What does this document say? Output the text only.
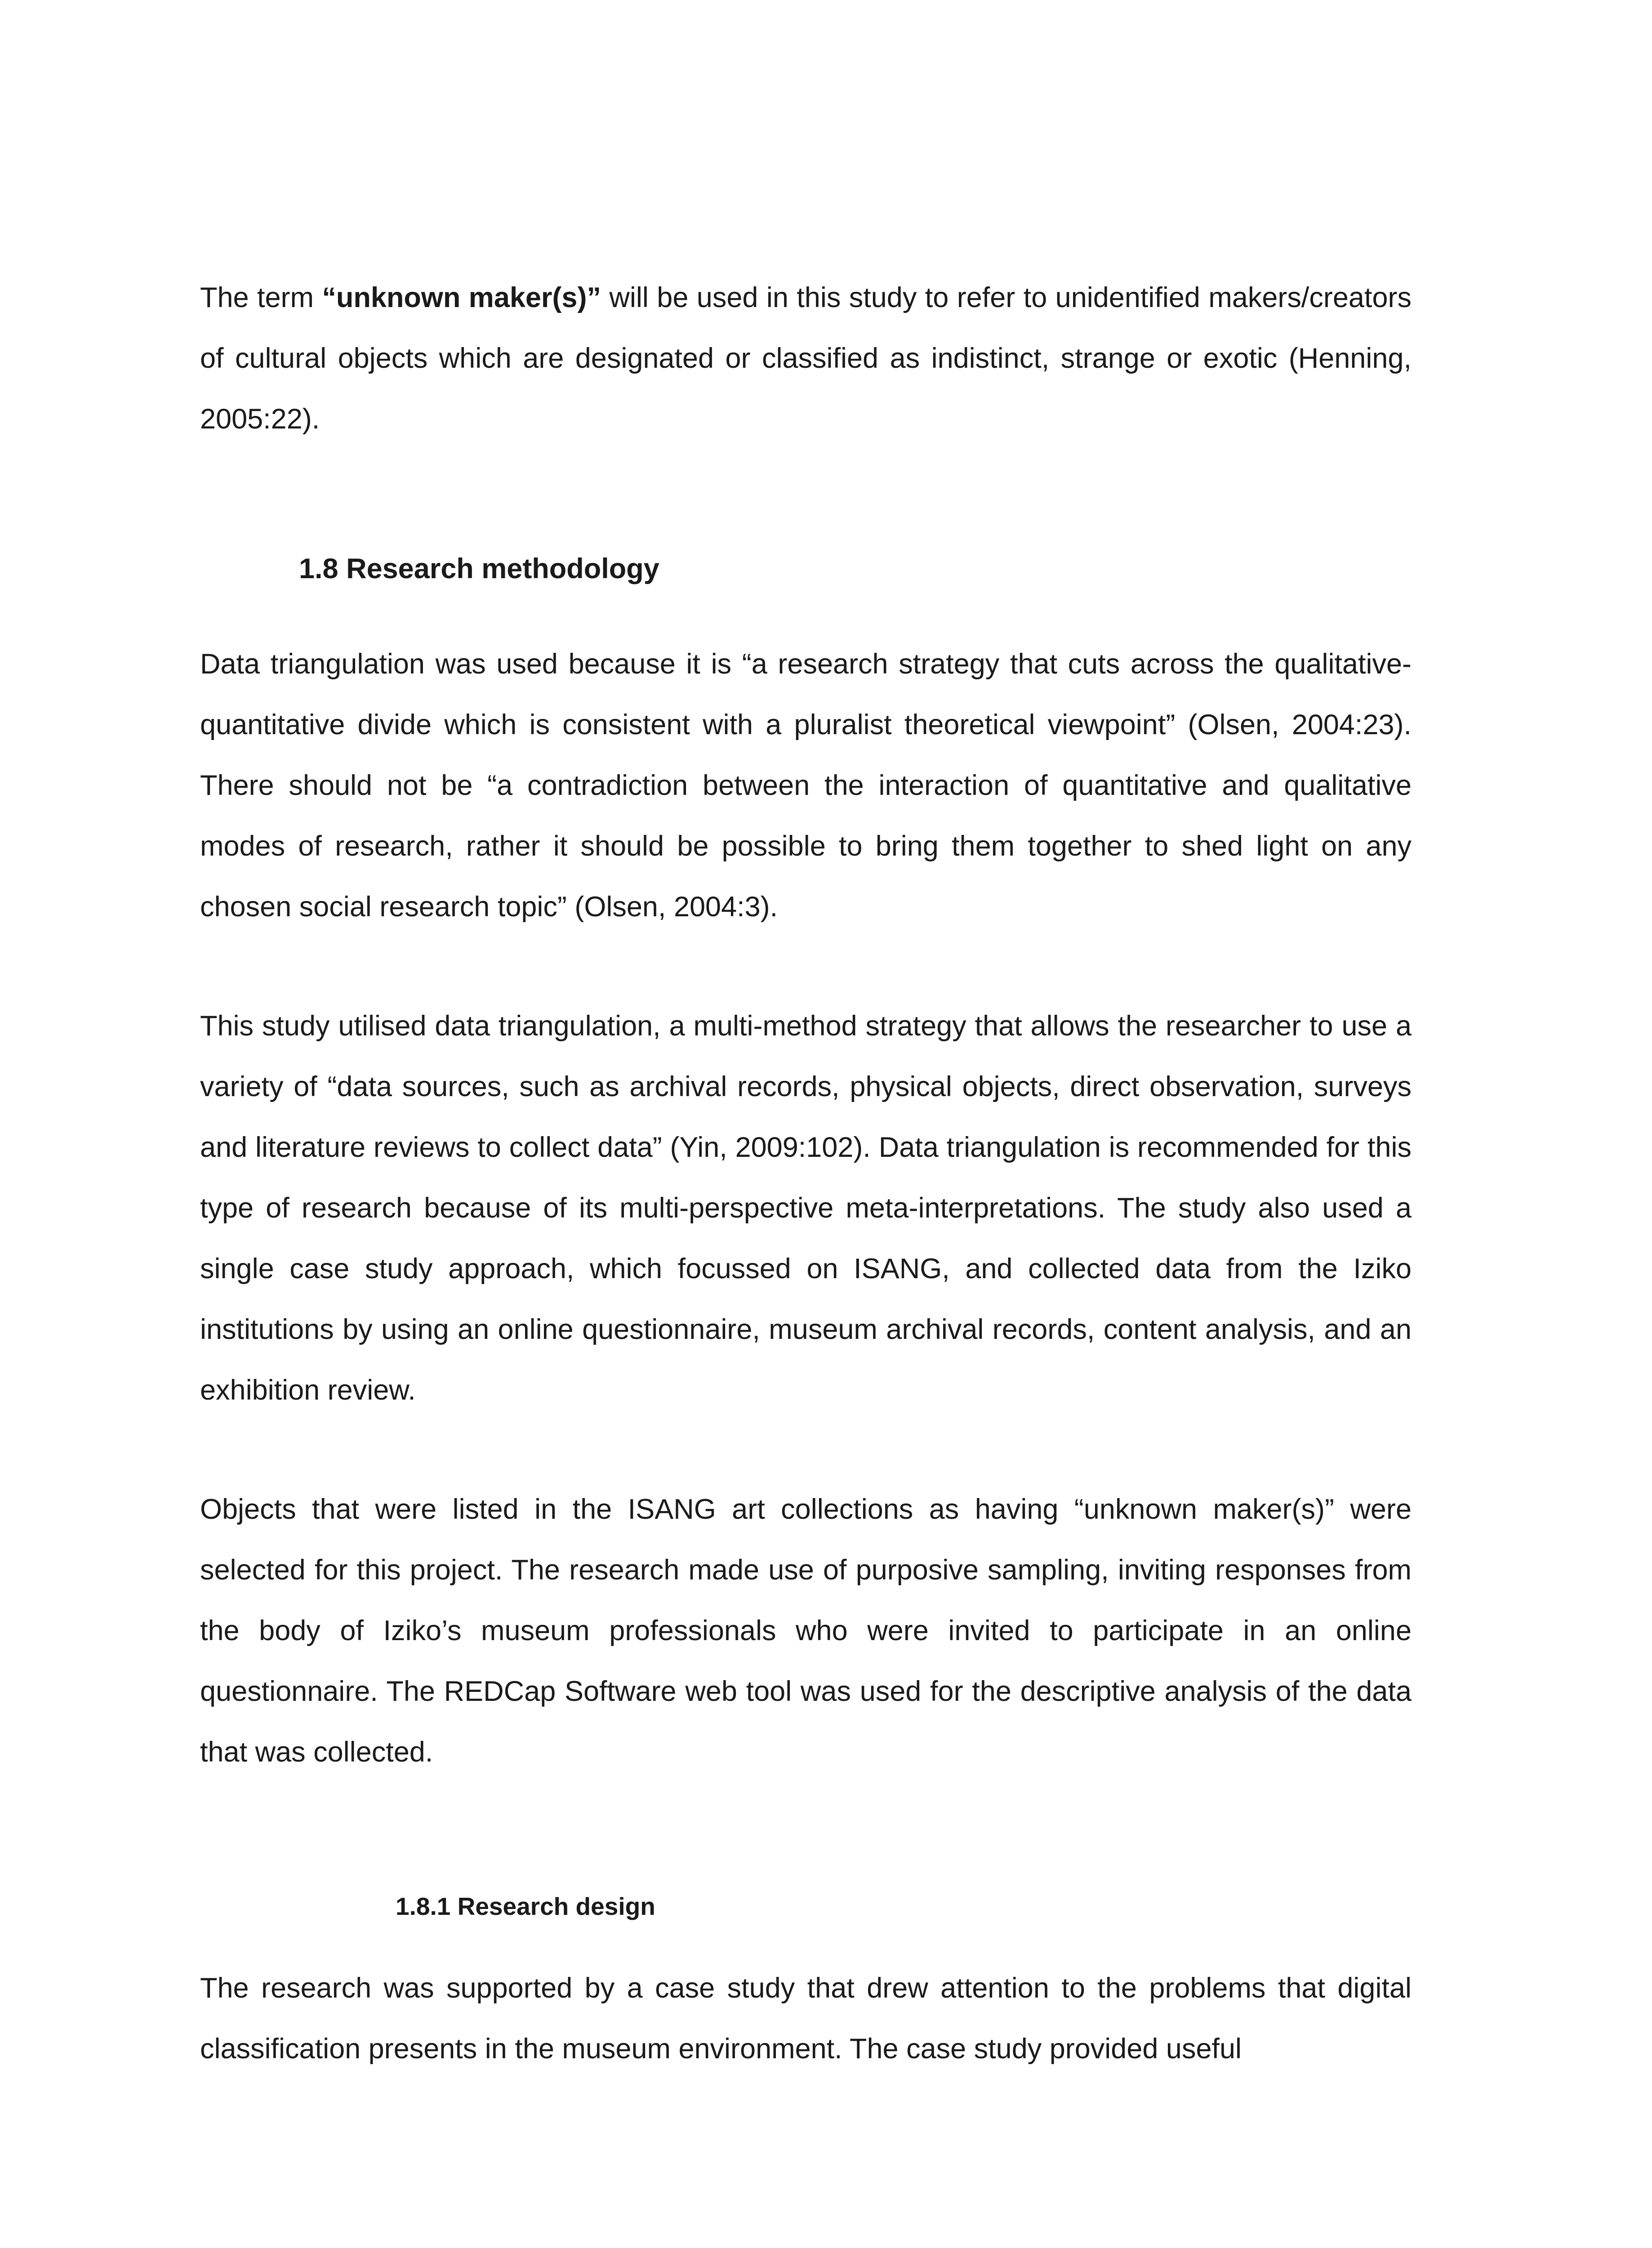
The term “unknown maker(s)” will be used in this study to refer to unidentified makers/creators of cultural objects which are designated or classified as indistinct, strange or exotic (Henning, 2005:22).

1.8 Research methodology

Data triangulation was used because it is “a research strategy that cuts across the qualitative-quantitative divide which is consistent with a pluralist theoretical viewpoint” (Olsen, 2004:23). There should not be “a contradiction between the interaction of quantitative and qualitative modes of research, rather it should be possible to bring them together to shed light on any chosen social research topic” (Olsen, 2004:3).

This study utilised data triangulation, a multi-method strategy that allows the researcher to use a variety of “data sources, such as archival records, physical objects, direct observation, surveys and literature reviews to collect data” (Yin, 2009:102). Data triangulation is recommended for this type of research because of its multi-perspective meta-interpretations. The study also used a single case study approach, which focussed on ISANG, and collected data from the Iziko institutions by using an online questionnaire, museum archival records, content analysis, and an exhibition review.

Objects that were listed in the ISANG art collections as having “unknown maker(s)” were selected for this project. The research made use of purposive sampling, inviting responses from the body of Iziko’s museum professionals who were invited to participate in an online questionnaire. The REDCap Software web tool was used for the descriptive analysis of the data that was collected.

1.8.1 Research design

The research was supported by a case study that drew attention to the problems that digital classification presents in the museum environment. The case study provided useful
